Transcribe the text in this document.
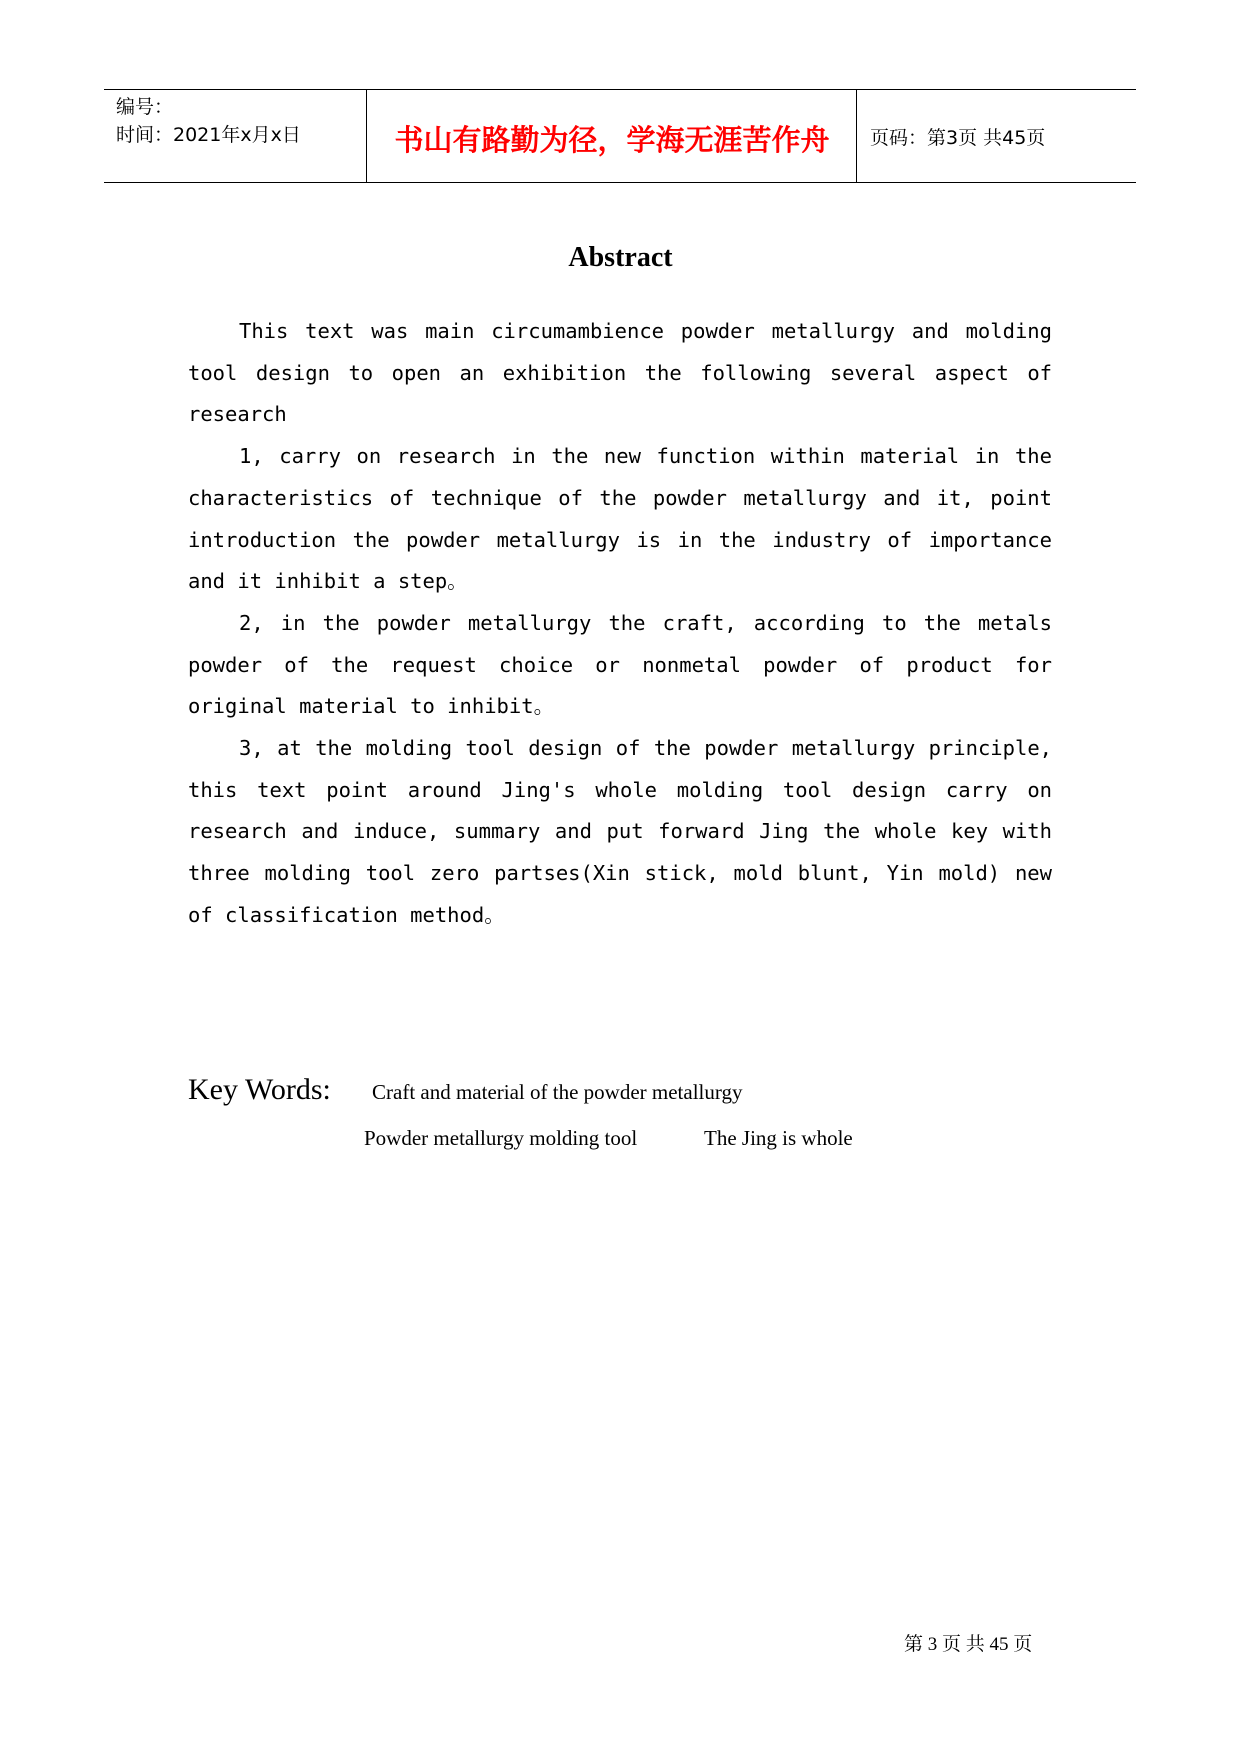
编号：
时间：2021年x月x日	书山有路勤为径，学海无涯苦作舟	页码：第3页 共45页
Abstract

This text was main circumambience powder metallurgy and molding tool design to open an exhibition the following several aspect of research

1, carry on research in the new function within material in the characteristics of technique of the powder metallurgy and it, point introduction the powder metallurgy is in the industry of importance and it inhibit a step。

2, in the powder metallurgy the craft, according to the metals powder of the request choice or nonmetal powder of product for original material to inhibit。

3, at the molding tool design of the powder metallurgy principle, this text point around Jing's whole molding tool design carry on research and induce, summary and put forward Jing the whole key with three molding tool zero partses(Xin stick, mold blunt, Yin mold) new of classification method。

Key Words: Craft and material of the powder metallurgy
Powder metallurgy molding tool	The Jing is whole
第 3 页 共 45 页
